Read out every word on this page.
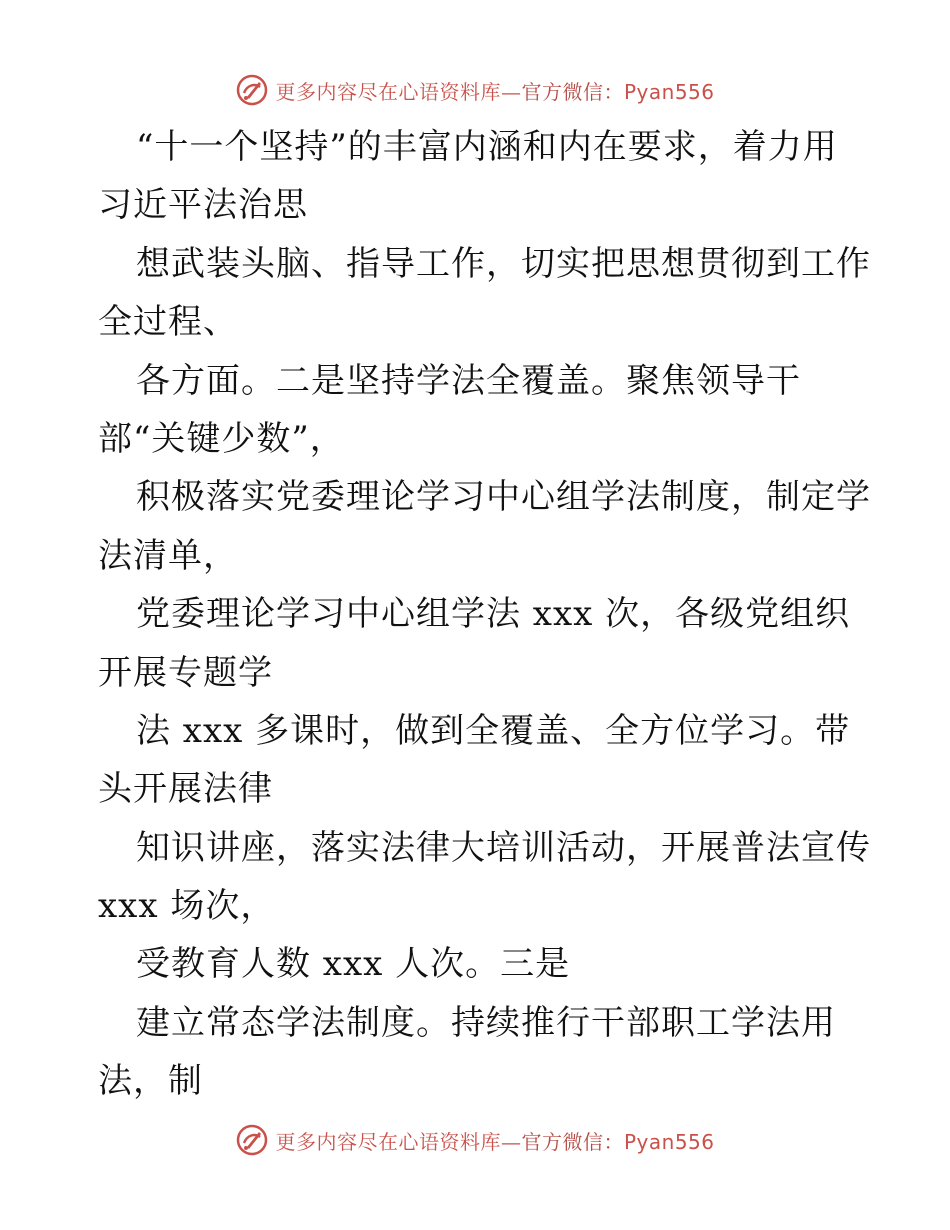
更多内容尽在心语资料库—官方微信：Pyan556
“十一个坚持”的丰富内涵和内在要求，着力用
习近平法治思
想武装头脑、指导工作，切实把思想贯彻到工作
全过程、
各方面。二是坚持学法全覆盖。聚焦领导干
部“关键少数”，
积极落实党委理论学习中心组学法制度，制定学
法清单，
党委理论学习中心组学法 xxx 次，各级党组织
开展专题学
法 xxx 多课时，做到全覆盖、全方位学习。带
头开展法律
知识讲座，落实法律大培训活动，开展普法宣传
xxx 场次，
受教育人数 xxx 人次。三是
建立常态学法制度。持续推行干部职工学法用
法，制
更多内容尽在心语资料库—官方微信：Pyan556
